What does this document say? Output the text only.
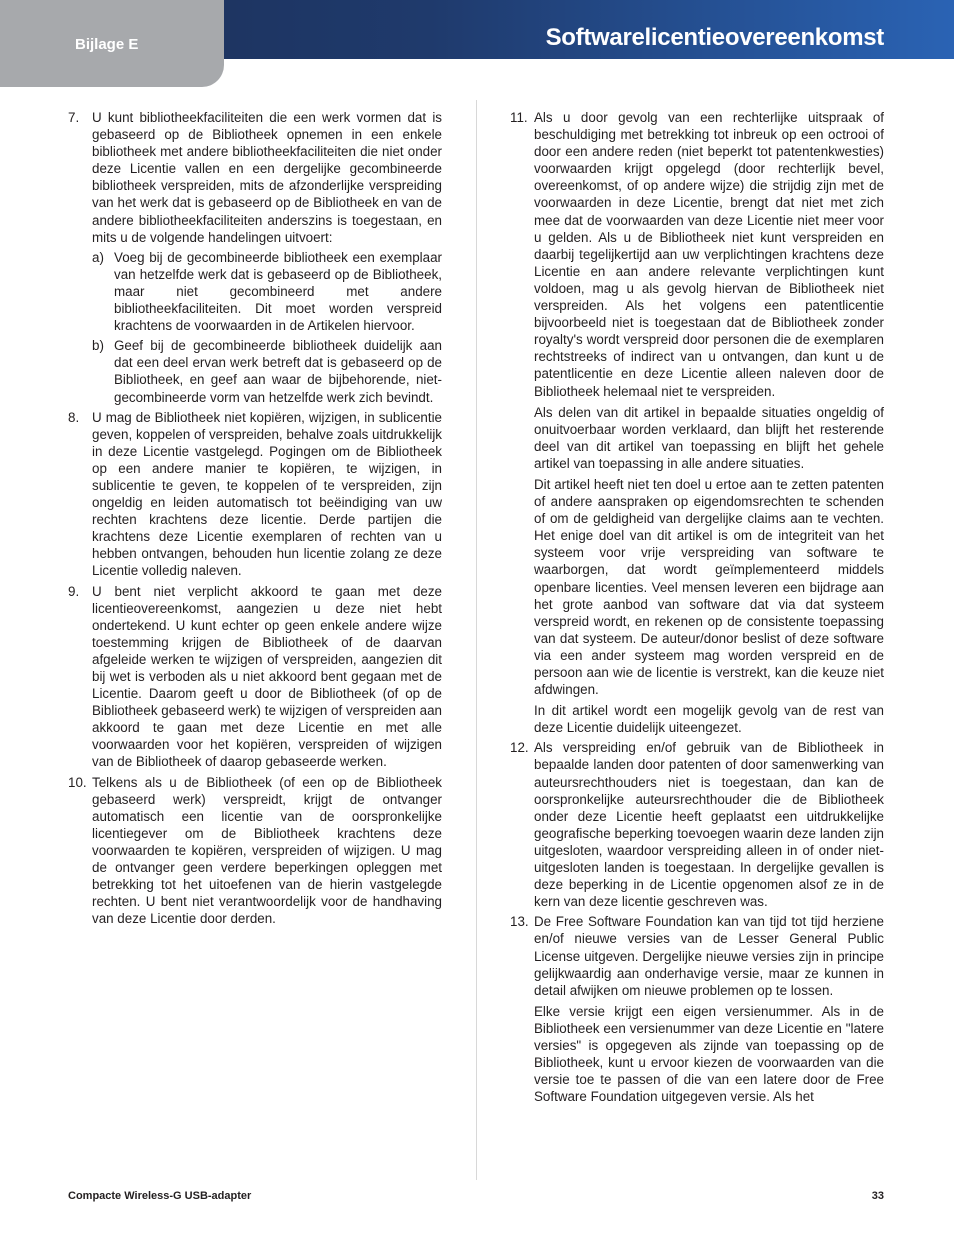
Bijlage E	Softwarelicentieovereenkomst
7. U kunt bibliotheekfaciliteiten die een werk vormen dat is gebaseerd op de Bibliotheek opnemen in een enkele bibliotheek met andere bibliotheekfaciliteiten die niet onder deze Licentie vallen en een dergelijke gecombineerde bibliotheek verspreiden, mits de afzonderlijke verspreiding van het werk dat is gebaseerd op de Bibliotheek en van de andere bibliotheekfaciliteiten anderszins is toegestaan, en mits u de volgende handelingen uitvoert:

a) Voeg bij de gecombineerde bibliotheek een exemplaar van hetzelfde werk dat is gebaseerd op de Bibliotheek, maar niet gecombineerd met andere bibliotheekfaciliteiten. Dit moet worden verspreid krachtens de voorwaarden in de Artikelen hiervoor.

b) Geef bij de gecombineerde bibliotheek duidelijk aan dat een deel ervan werk betreft dat is gebaseerd op de Bibliotheek, en geef aan waar de bijbehorende, niet-gecombineerde vorm van hetzelfde werk zich bevindt.

8. U mag de Bibliotheek niet kopiëren, wijzigen, in sublicentie geven, koppelen of verspreiden, behalve zoals uitdrukkelijk in deze Licentie vastgelegd. Pogingen om de Bibliotheek op een andere manier te kopiëren, te wijzigen, in sublicentie te geven, te koppelen of te verspreiden, zijn ongeldig en leiden automatisch tot beëindiging van uw rechten krachtens deze licentie. Derde partijen die krachtens deze Licentie exemplaren of rechten van u hebben ontvangen, behouden hun licentie zolang ze deze Licentie volledig naleven.

9. U bent niet verplicht akkoord te gaan met deze licentieovereenkomst, aangezien u deze niet hebt ondertekend. U kunt echter op geen enkele andere wijze toestemming krijgen de Bibliotheek of de daarvan afgeleide werken te wijzigen of verspreiden, aangezien dit bij wet is verboden als u niet akkoord bent gegaan met de Licentie. Daarom geeft u door de Bibliotheek (of op de Bibliotheek gebaseerd werk) te wijzigen of verspreiden aan akkoord te gaan met deze Licentie en met alle voorwaarden voor het kopiëren, verspreiden of wijzigen van de Bibliotheek of daarop gebaseerde werken.

10. Telkens als u de Bibliotheek (of een op de Bibliotheek gebaseerd werk) verspreidt, krijgt de ontvanger automatisch een licentie van de oorspronkelijke licentiegever om de Bibliotheek krachtens deze voorwaarden te kopiëren, verspreiden of wijzigen. U mag de ontvanger geen verdere beperkingen opleggen met betrekking tot het uitoefenen van de hierin vastgelegde rechten. U bent niet verantwoordelijk voor de handhaving van deze Licentie door derden.

11. Als u door gevolg van een rechterlijke uitspraak of beschuldiging met betrekking tot inbreuk op een octrooi of door een andere reden (niet beperkt tot patentenkwesties) voorwaarden krijgt opgelegd (door rechterlijk bevel, overeenkomst, of op andere wijze) die strijdig zijn met de voorwaarden in deze Licentie, brengt dat niet met zich mee dat de voorwaarden van deze Licentie niet meer voor u gelden. Als u de Bibliotheek niet kunt verspreiden en daarbij tegelijkertijd aan uw verplichtingen krachtens deze Licentie en aan andere relevante verplichtingen kunt voldoen, mag u als gevolg hiervan de Bibliotheek niet verspreiden. Als het volgens een patentlicentie bijvoorbeeld niet is toegestaan dat de Bibliotheek zonder royalty's wordt verspreid door personen die de exemplaren rechtstreeks of indirect van u ontvangen, dan kunt u de patentlicentie en deze Licentie alleen naleven door de Bibliotheek helemaal niet te verspreiden.

Als delen van dit artikel in bepaalde situaties ongeldig of onuitvoerbaar worden verklaard, dan blijft het resterende deel van dit artikel van toepassing en blijft het gehele artikel van toepassing in alle andere situaties.

Dit artikel heeft niet ten doel u ertoe aan te zetten patenten of andere aanspraken op eigendomsrechten te schenden of om de geldigheid van dergelijke claims aan te vechten. Het enige doel van dit artikel is om de integriteit van het systeem voor vrije verspreiding van software te waarborgen, dat wordt geïmplementeerd middels openbare licenties. Veel mensen leveren een bijdrage aan het grote aanbod van software dat via dat systeem verspreid wordt, en rekenen op de consistente toepassing van dat systeem. De auteur/donor beslist of deze software via een ander systeem mag worden verspreid en de persoon aan wie de licentie is verstrekt, kan die keuze niet afdwingen.

In dit artikel wordt een mogelijk gevolg van de rest van deze Licentie duidelijk uiteengezet.

12. Als verspreiding en/of gebruik van de Bibliotheek in bepaalde landen door patenten of door samenwerking van auteursrechthouders niet is toegestaan, dan kan de oorspronkelijke auteursrechthouder die de Bibliotheek onder deze Licentie heeft geplaatst een uitdrukkelijke geografische beperking toevoegen waarin deze landen zijn uitgesloten, waardoor verspreiding alleen in of onder niet-uitgesloten landen is toegestaan. In dergelijke gevallen is deze beperking in de Licentie opgenomen alsof ze in de kern van deze licentie geschreven was.

13. De Free Software Foundation kan van tijd tot tijd herziene en/of nieuwe versies van de Lesser General Public License uitgeven. Dergelijke nieuwe versies zijn in principe gelijkwaardig aan onderhavige versie, maar ze kunnen in detail afwijken om nieuwe problemen op te lossen.

Elke versie krijgt een eigen versienummer. Als in de Bibliotheek een versienummer van deze Licentie en "latere versies" is opgegeven als zijnde van toepassing op de Bibliotheek, kunt u ervoor kiezen de voorwaarden van die versie toe te passen of die van een latere door de Free Software Foundation uitgegeven versie. Als het

Compacte Wireless-G USB-adapter	33
